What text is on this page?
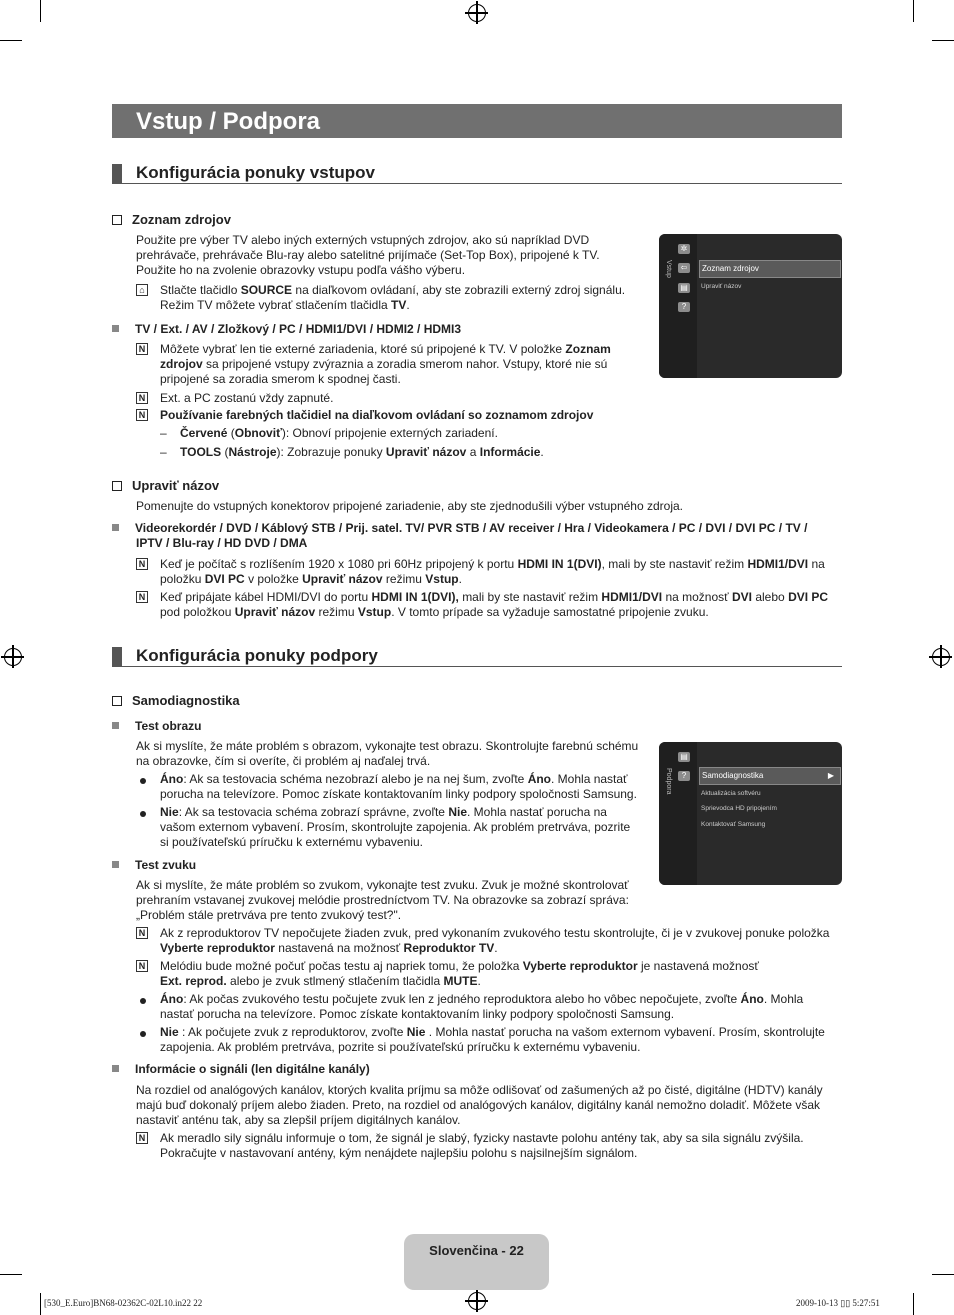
Vstup / Podpora
Konfigurácia ponuky vstupov
Zoznam zdrojov
Použite pre výber TV alebo iných externých vstupných zdrojov, ako sú napríklad DVD
prehrávače, prehrávače Blu-ray alebo satelitné prijímače (Set-Top Box), pripojené k TV.
Použite ho na zvolenie obrazovky vstupu podľa vášho výberu.
⌂ Stlačte tlačidlo SOURCE na diaľkovom ovládaní, aby ste zobrazili externý zdroj signálu.
Režim TV môžete vybrať stlačením tlačidla TV.
TV / Ext. / AV / Zložkový / PC / HDMI1/DVI / HDMI2 / HDMI3
N Môžete vybrať len tie externé zariadenia, ktoré sú pripojené k TV. V položke Zoznam
zdrojov sa pripojené vstupy zvýraznia a zoradia smerom nahor. Vstupy, ktoré nie sú
pripojené sa zoradia smerom k spodnej časti.
N Ext. a PC zostanú vždy zapnuté.
N Používanie farebných tlačidiel na diaľkovom ovládaní so zoznamom zdrojov
–    Červené (Obnoviť): Obnoví pripojenie externých zariadení.
–    TOOLS (Nástroje): Zobrazuje ponuky Upraviť názov a Informácie.
Vstup
✲
⇦
▤
?
Zoznam zdrojov
Upraviť názov
Upraviť názov
Pomenujte do vstupných konektorov pripojené zariadenie, aby ste zjednodušili výber vstupného zdroja.
Videorekordér / DVD / Káblový STB / Prij. satel. TV/ PVR STB / AV receiver / Hra / Videokamera / PC / DVI / DVI PC / TV /
IPTV / Blu-ray / HD DVD / DMA
N Keď je počítač s rozlíšením 1920 x 1080 pri 60Hz pripojený k portu HDMI IN 1(DVI), mali by ste nastaviť režim HDMI1/DVI na
položku DVI PC v položke Upraviť názov režimu Vstup.
N Keď pripájate kábel HDMI/DVI do portu HDMI IN 1(DVI), mali by ste nastaviť režim HDMI1/DVI na možnosť DVI alebo DVI PC
pod položkou Upraviť názov režimu Vstup. V tomto prípade sa vyžaduje samostatné pripojenie zvuku.
Konfigurácia ponuky podpory
Samodiagnostika
Test obrazu
Ak si myslíte, že máte problém s obrazom, vykonajte test obrazu. Skontrolujte farebnú schému
na obrazovke, čím si overíte, či problém aj naďalej trvá.
Áno: Ak sa testovacia schéma nezobrazí alebo je na nej šum, zvoľte Áno. Mohla nastať
porucha na televízore. Pomoc získate kontaktovaním linky podpory spoločnosti Samsung.
Nie: Ak sa testovacia schéma zobrazí správne, zvoľte Nie. Mohla nastať porucha na
vašom externom vybavení. Prosím, skontrolujte zapojenia. Ak problém pretrváva, pozrite
si používateľskú príručku k externému vybaveniu.
Podpora
▤
?	Samodiagnostika	▶
Aktualizácia softvéru
Sprievodca HD pripojením
Kontaktovať Samsung
Test zvuku
Ak si myslíte, že máte problém so zvukom, vykonajte test zvuku. Zvuk je možné skontrolovať
prehraním vstavanej zvukovej melódie prostredníctvom TV. Na obrazovke sa zobrazí správa:
„Problém stále pretrváva pre tento zvukový test?".
N Ak z reproduktorov TV nepočujete žiaden zvuk, pred vykonaním zvukového testu skontrolujte, či je v zvukovej ponuke položka
Vyberte reproduktor nastavená na možnosť Reproduktor TV.
N Melódiu bude možné počuť počas testu aj napriek tomu, že položka Vyberte reproduktor je nastavená možnosť
Ext. reprod. alebo je zvuk stlmený stlačením tlačidla MUTE.
Áno: Ak počas zvukového testu počujete zvuk len z jedného reproduktora alebo ho vôbec nepočujete, zvoľte Áno. Mohla
nastať porucha na televízore. Pomoc získate kontaktovaním linky podpory spoločnosti Samsung.
Nie : Ak počujete zvuk z reproduktorov, zvoľte Nie . Mohla nastať porucha na vašom externom vybavení. Prosím, skontrolujte
zapojenia. Ak problém pretrváva, pozrite si používateľskú príručku k externému vybaveniu.
Informácie o signáli (len digitálne kanály)
Na rozdiel od analógových kanálov, ktorých kvalita príjmu sa môže odlišovať od zašumených až po čisté, digitálne (HDTV) kanály
majú buď dokonalý príjem alebo žiaden. Preto, na rozdiel od analógových kanálov, digitálny kanál nemožno doladiť. Môžete však
nastaviť anténu tak, aby sa zlepšil príjem digitálnych kanálov.
N Ak meradlo sily signálu informuje o tom, že signál je slabý, fyzicky nastavte polohu antény tak, aby sa sila signálu zvýšila.
Pokračujte v nastavovaní antény, kým nenájdete najlepšiu polohu s najsilnejším signálom.
Slovenčina - 22
[530_E.Euro]BN68-02362C-02L10.in22 22	2009-10-13 ▯▯ 5:27:51
